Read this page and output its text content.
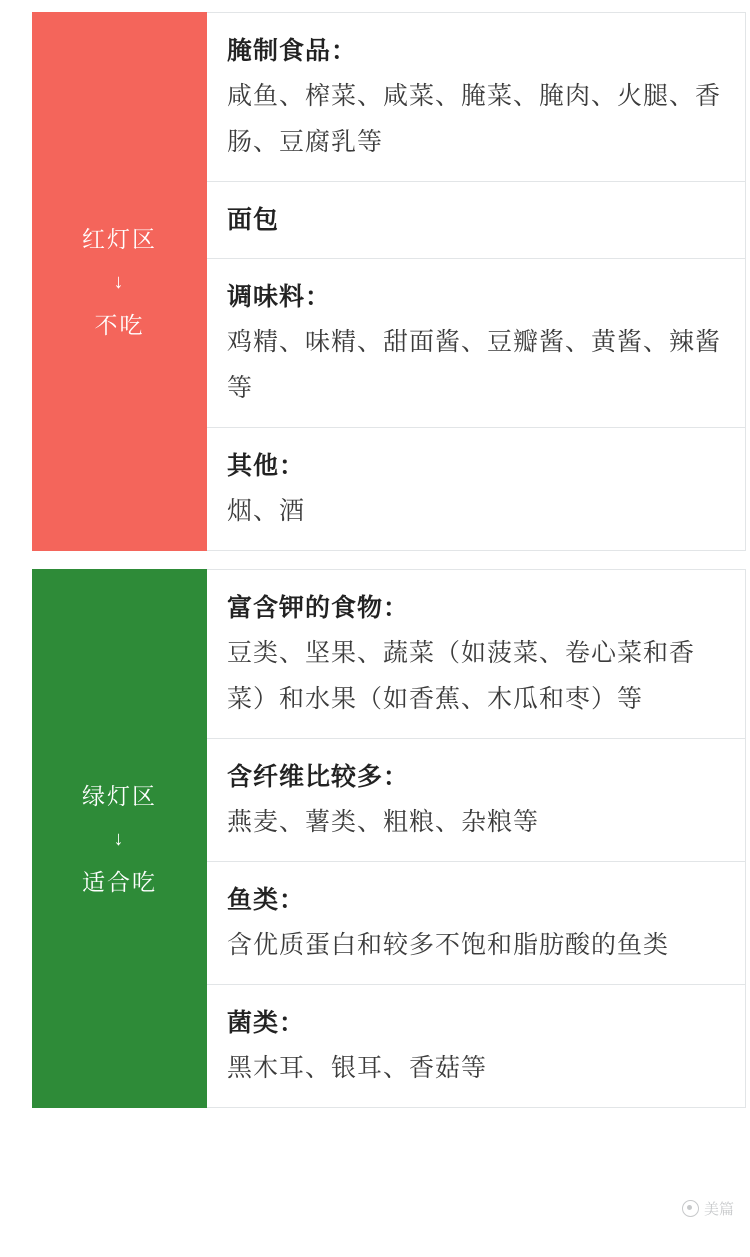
红灯区
↓
不吃
腌制食品：
咸鱼、榨菜、咸菜、腌菜、腌肉、火腿、香肠、豆腐乳等
面包
调味料：
鸡精、味精、甜面酱、豆瓣酱、黄酱、辣酱等
其他：
烟、酒
绿灯区
↓
适合吃
富含钾的食物：
豆类、坚果、蔬菜（如菠菜、卷心菜和香菜）和水果（如香蕉、木瓜和枣）等
含纤维比较多：
燕麦、薯类、粗粮、杂粮等
鱼类：
含优质蛋白和较多不饱和脂肪酸的鱼类
菌类：
黑木耳、银耳、香菇等
美篇
